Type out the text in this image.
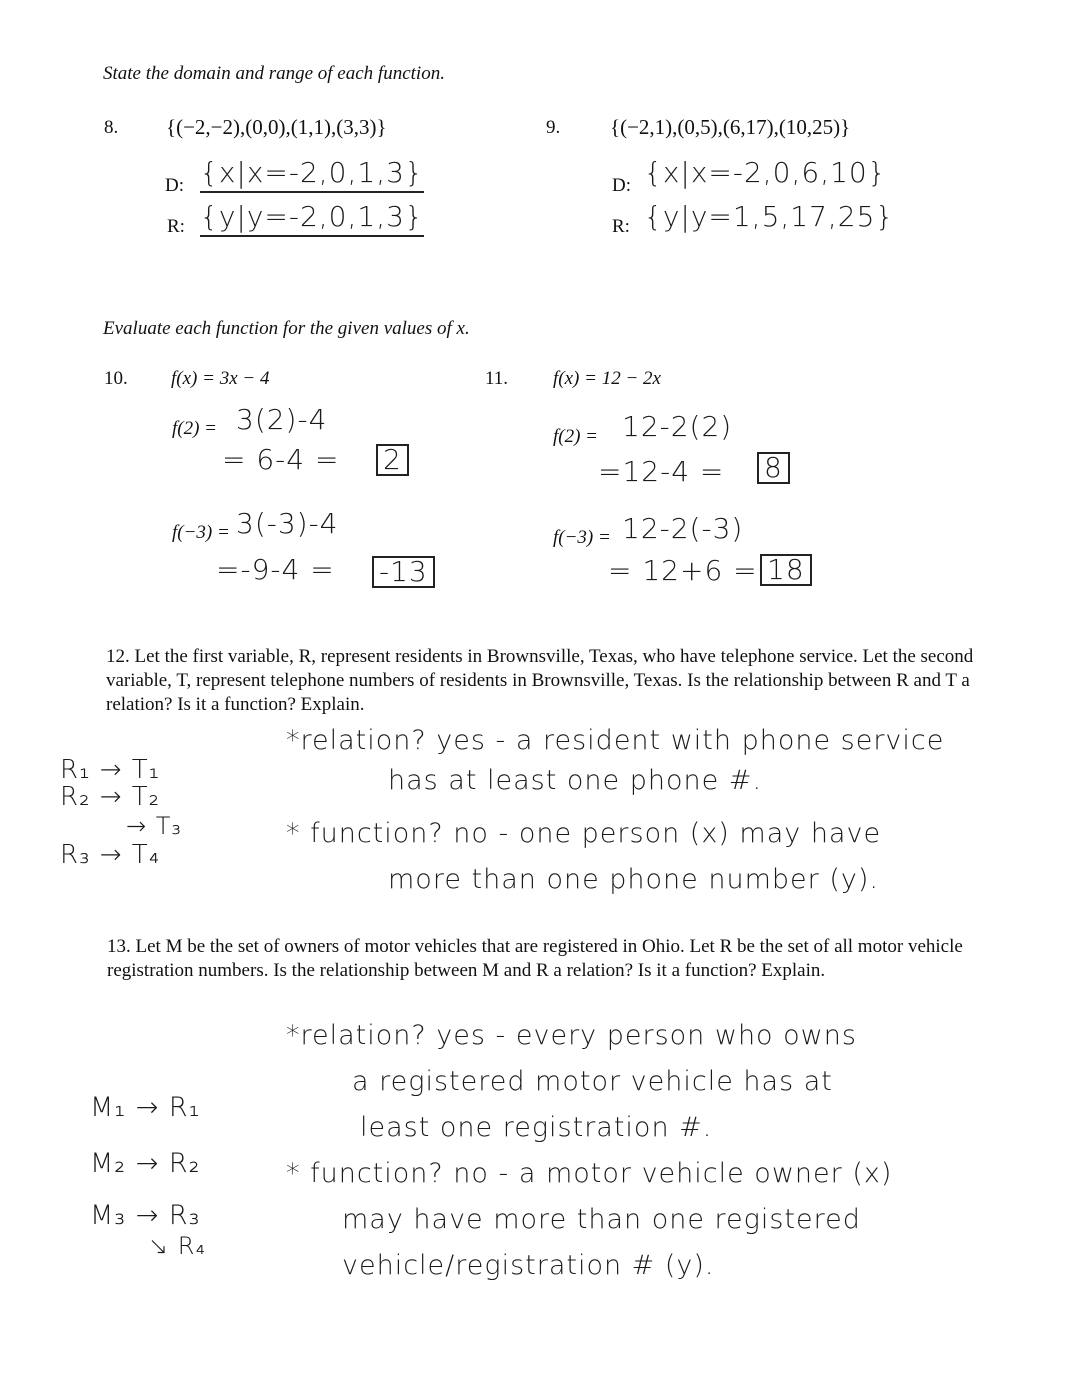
State the domain and range of each function.
8. {(−2,−2),(0,0),(1,1),(3,3)}
D: {x|x=-2,0,1,3}
R: {y|y=-2,0,1,3}
9. {(−2,1),(0,5),(6,17),(10,25)}
D: {x|x=-2,0,6,10}
R: {y|y=1,5,17,25}
Evaluate each function for the given values of x.
10. f(x) = 3x − 4
f(2) = 3(2)-4
= 6-4 = 2
f(−3) = 3(-3)-4
=-9-4 = -13
11. f(x) = 12 − 2x
f(2) = 12-2(2)
=12-4 = 8
f(−3) = 12-2(-3)
= 12+6 = 18
12. Let the first variable, R, represent residents in Brownsville, Texas, who have telephone service. Let the second variable, T, represent telephone numbers of residents in Brownsville, Texas. Is the relationship between R and T a relation? Is it a function? Explain.
R₁ → T₁
R₂ → T₂
→ T₃
R₃ → T₄
*relation? yes - a resident with phone service
has at least one phone #.
* function? no - one person (x) may have
more than one phone number (y).
13. Let M be the set of owners of motor vehicles that are registered in Ohio. Let R be the set of all motor vehicle registration numbers. Is the relationship between M and R a relation? Is it a function? Explain.
M₁ → R₁
M₂ → R₂
M₃ → R₃
↘ R₄
*relation? yes - every person who owns
a registered motor vehicle has at
least one registration #.
* function? no - a motor vehicle owner (x)
may have more than one registered
vehicle/registration # (y).
